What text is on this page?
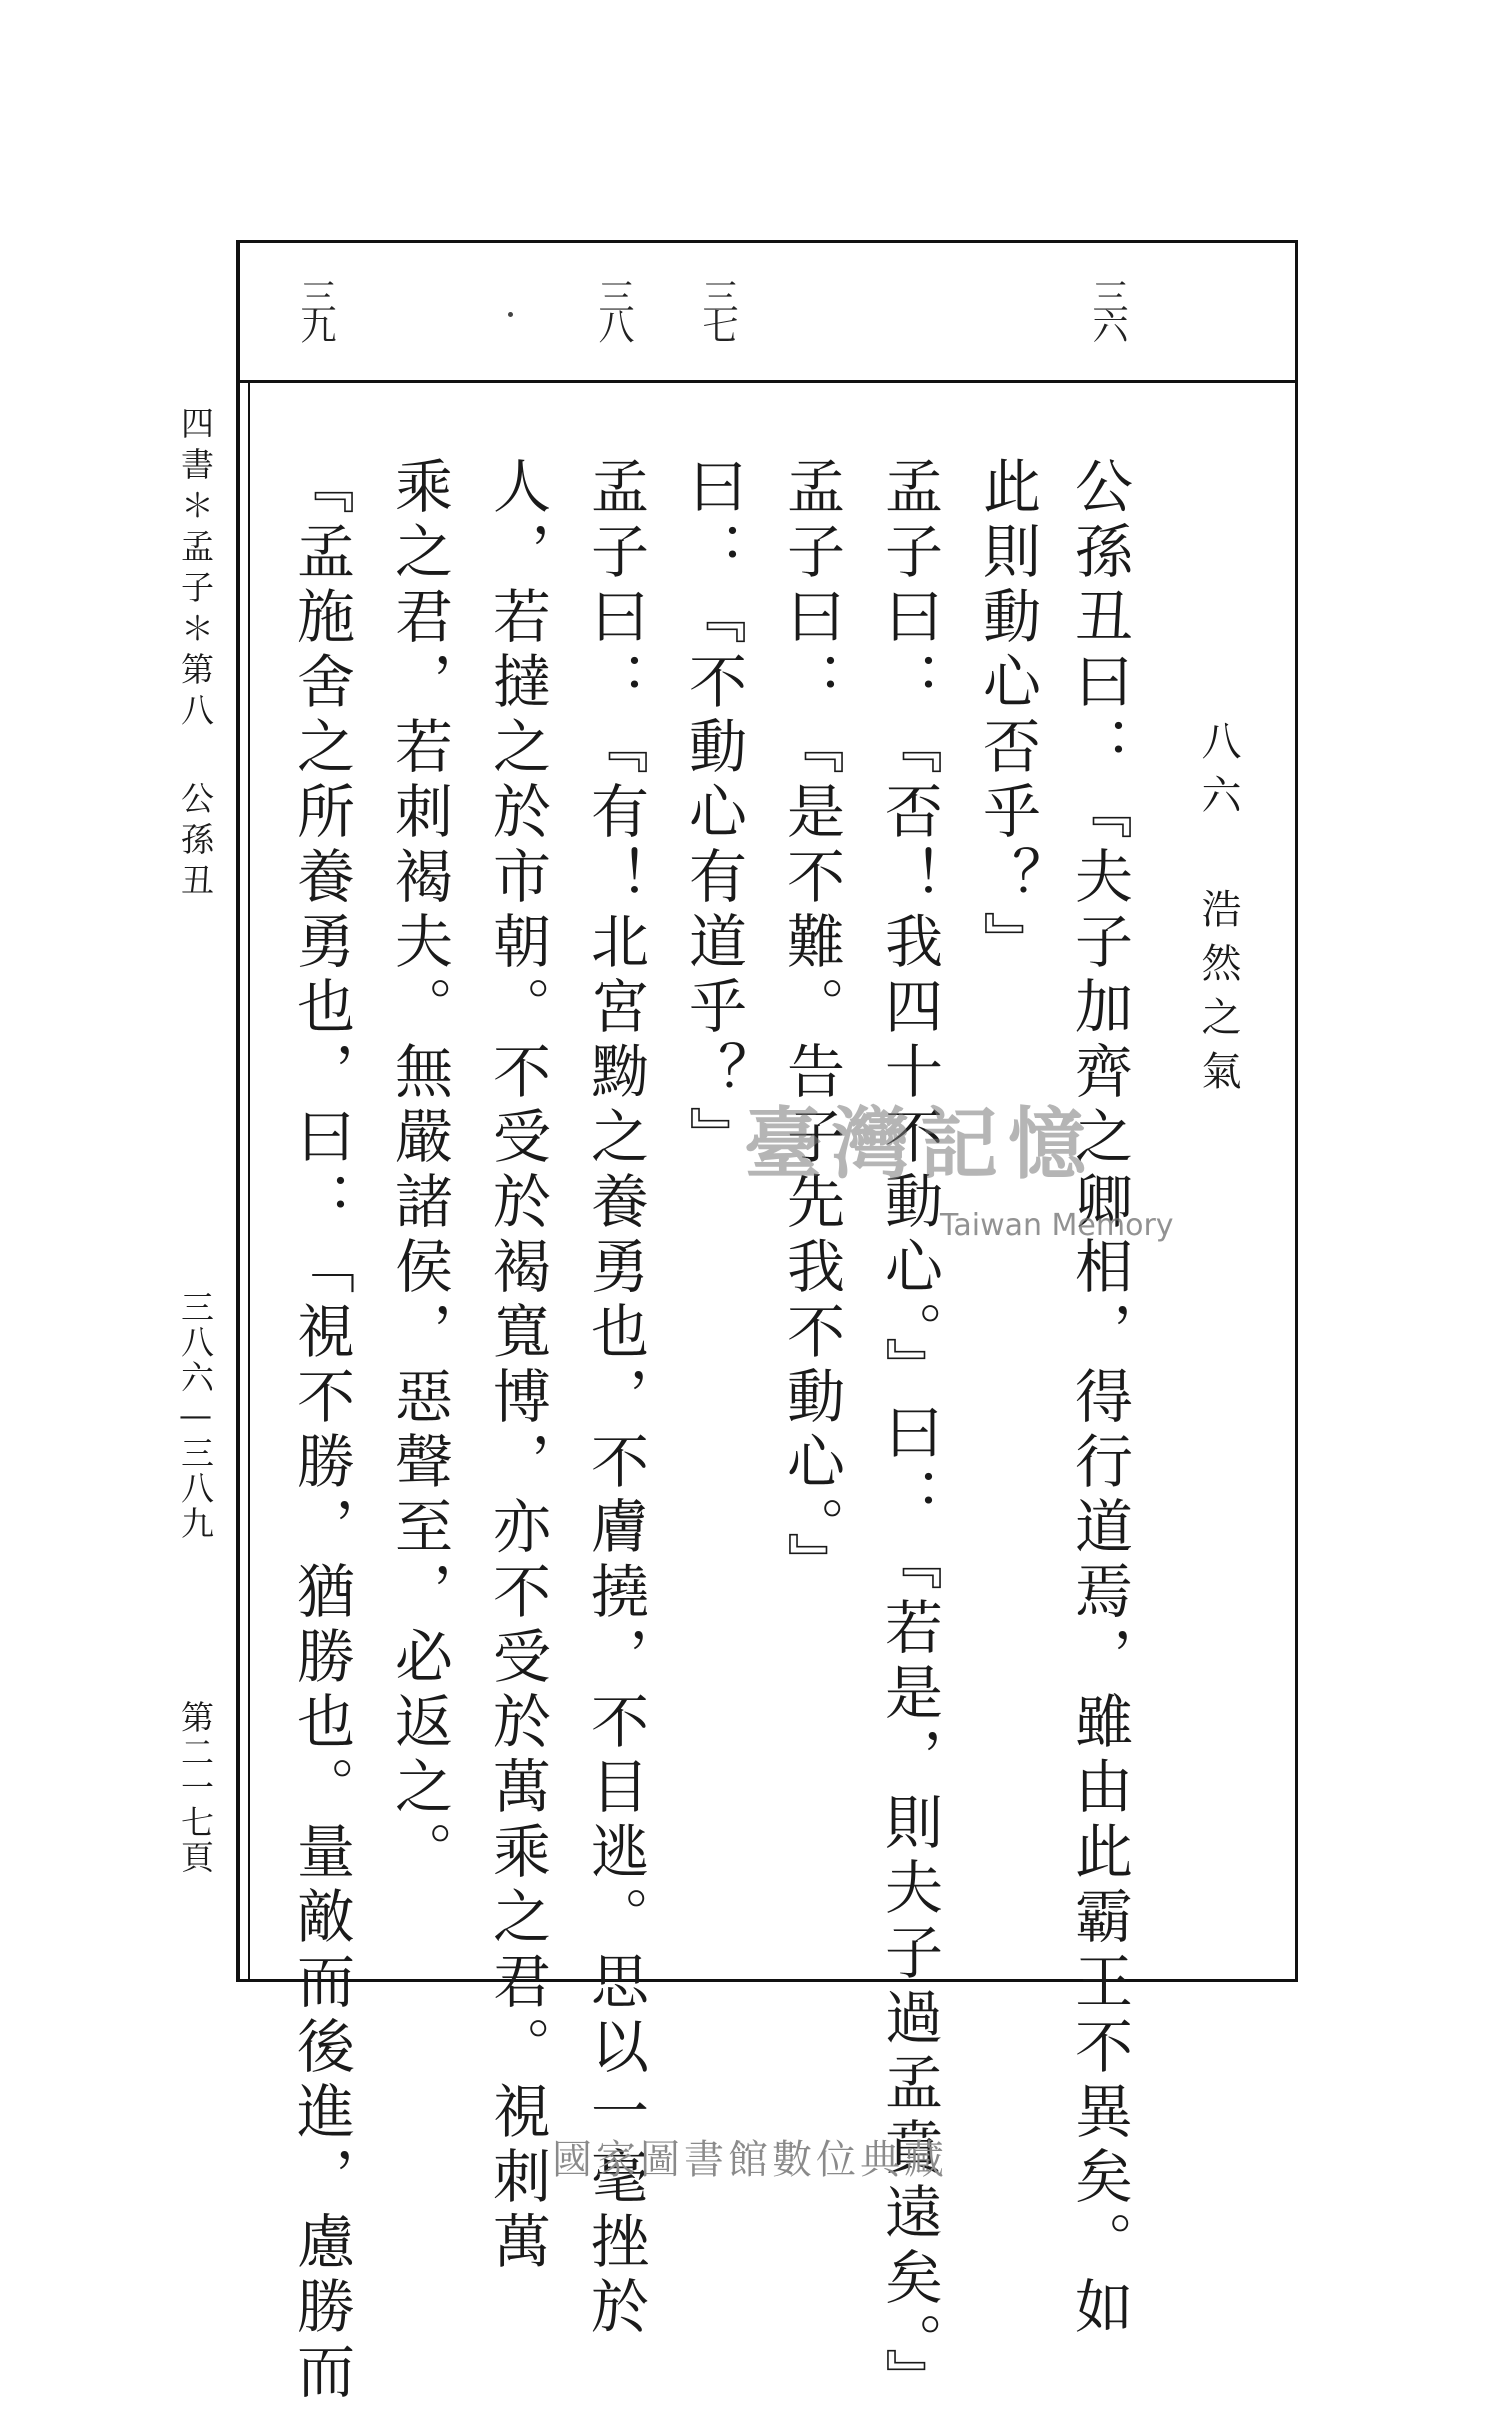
三六
三七
三八
三九
八六 浩然之氣
公孫丑曰：『夫子加齊之卿相，得行道焉，雖由此霸王不異矣。如
此則動心否乎？』
孟子曰：『否！我四十不動心。』曰：『若是，則夫子過孟賁遠矣。』
孟子曰：『是不難。告子先我不動心。』
曰：『不動心有道乎？』
孟子曰：『有！北宮黝之養勇也，不膚撓，不目逃。思以一毫挫於
人，若撻之於市朝。不受於褐寬博，亦不受於萬乘之君。視刺萬
乘之君，若刺褐夫。無嚴諸侯，惡聲至，必返之。
『孟施舍之所養勇也，曰：「視不勝，猶勝也。量敵而後進，慮勝而
四書＊孟子＊第八 公孫丑
三八六—三八九
第二一七頁
臺灣記憶
Taiwan Memory
國家圖書館數位典藏
